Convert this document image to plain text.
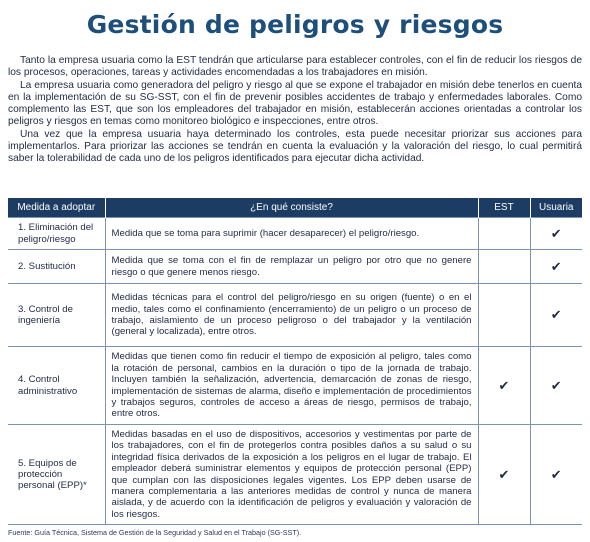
Gestión de peligros y riesgos

Tanto la empresa usuaria como la EST tendrán que articularse para establecer controles, con el fin de reducir los riesgos de los procesos, operaciones, tareas y actividades encomendadas a los trabajadores en misión.

La empresa usuaria como generadora del peligro y riesgo al que se expone el trabajador en misión debe tenerlos en cuenta en la implementación de su SG-SST, con el fin de prevenir posibles accidentes de trabajo y enfermedades laborales. Como complemento las EST, que son los empleadores del trabajador en misión, establecerán acciones orientadas a controlar los peligros y riesgos en temas como monitoreo biológico e inspecciones, entre otros.

Una vez que la empresa usuaria haya determinado los controles, esta puede necesitar priorizar sus acciones para implementarlos. Para priorizar las acciones se tendrán en cuenta la evaluación y la valoración del riesgo, lo cual permitirá saber la tolerabilidad de cada uno de los peligros identificados para ejecutar dicha actividad.

Medida a adoptar	¿En qué consiste?	EST	Usuaria
1. Eliminación del peligro/riesgo	Medida que se toma para suprimir (hacer desaparecer) el peligro/riesgo.		✔
2. Sustitución	Medida que se toma con el fin de remplazar un peligro por otro que no genere riesgo o que genere menos riesgo.		✔
3. Control de ingeniería	Medidas técnicas para el control del peligro/riesgo en su origen (fuente) o en el medio, tales como el confinamiento (encerramiento) de un peligro o un proceso de trabajo, aislamiento de un proceso peligroso o del trabajador y la ventilación (general y localizada), entre otros.		✔
4. Control administrativo	Medidas que tienen como fin reducir el tiempo de exposición al peligro, tales como la rotación de personal, cambios en la duración o tipo de la jornada de trabajo. Incluyen también la señalización, advertencia, demarcación de zonas de riesgo, implementación de sistemas de alarma, diseño e implementación de procedimientos y trabajos seguros, controles de acceso a áreas de riesgo, permisos de trabajo, entre otros.	✔	✔
5. Equipos de protección personal (EPP)*	Medidas basadas en el uso de dispositivos, accesorios y vestimentas por parte de los trabajadores, con el fin de protegerlos contra posibles daños a su salud o su integridad física derivados de la exposición a los peligros en el lugar de trabajo. El empleador deberá suministrar elementos y equipos de protección personal (EPP) que cumplan con las disposiciones legales vigentes. Los EPP deben usarse de manera complementaria a las anteriores medidas de control y nunca de manera aislada, y de acuerdo con la identificación de peligros y evaluación y valoración de los riesgos.	✔	✔
Fuente: Guía Técnica, Sistema de Gestión de la Seguridad y Salud en el Trabajo (SG-SST).
